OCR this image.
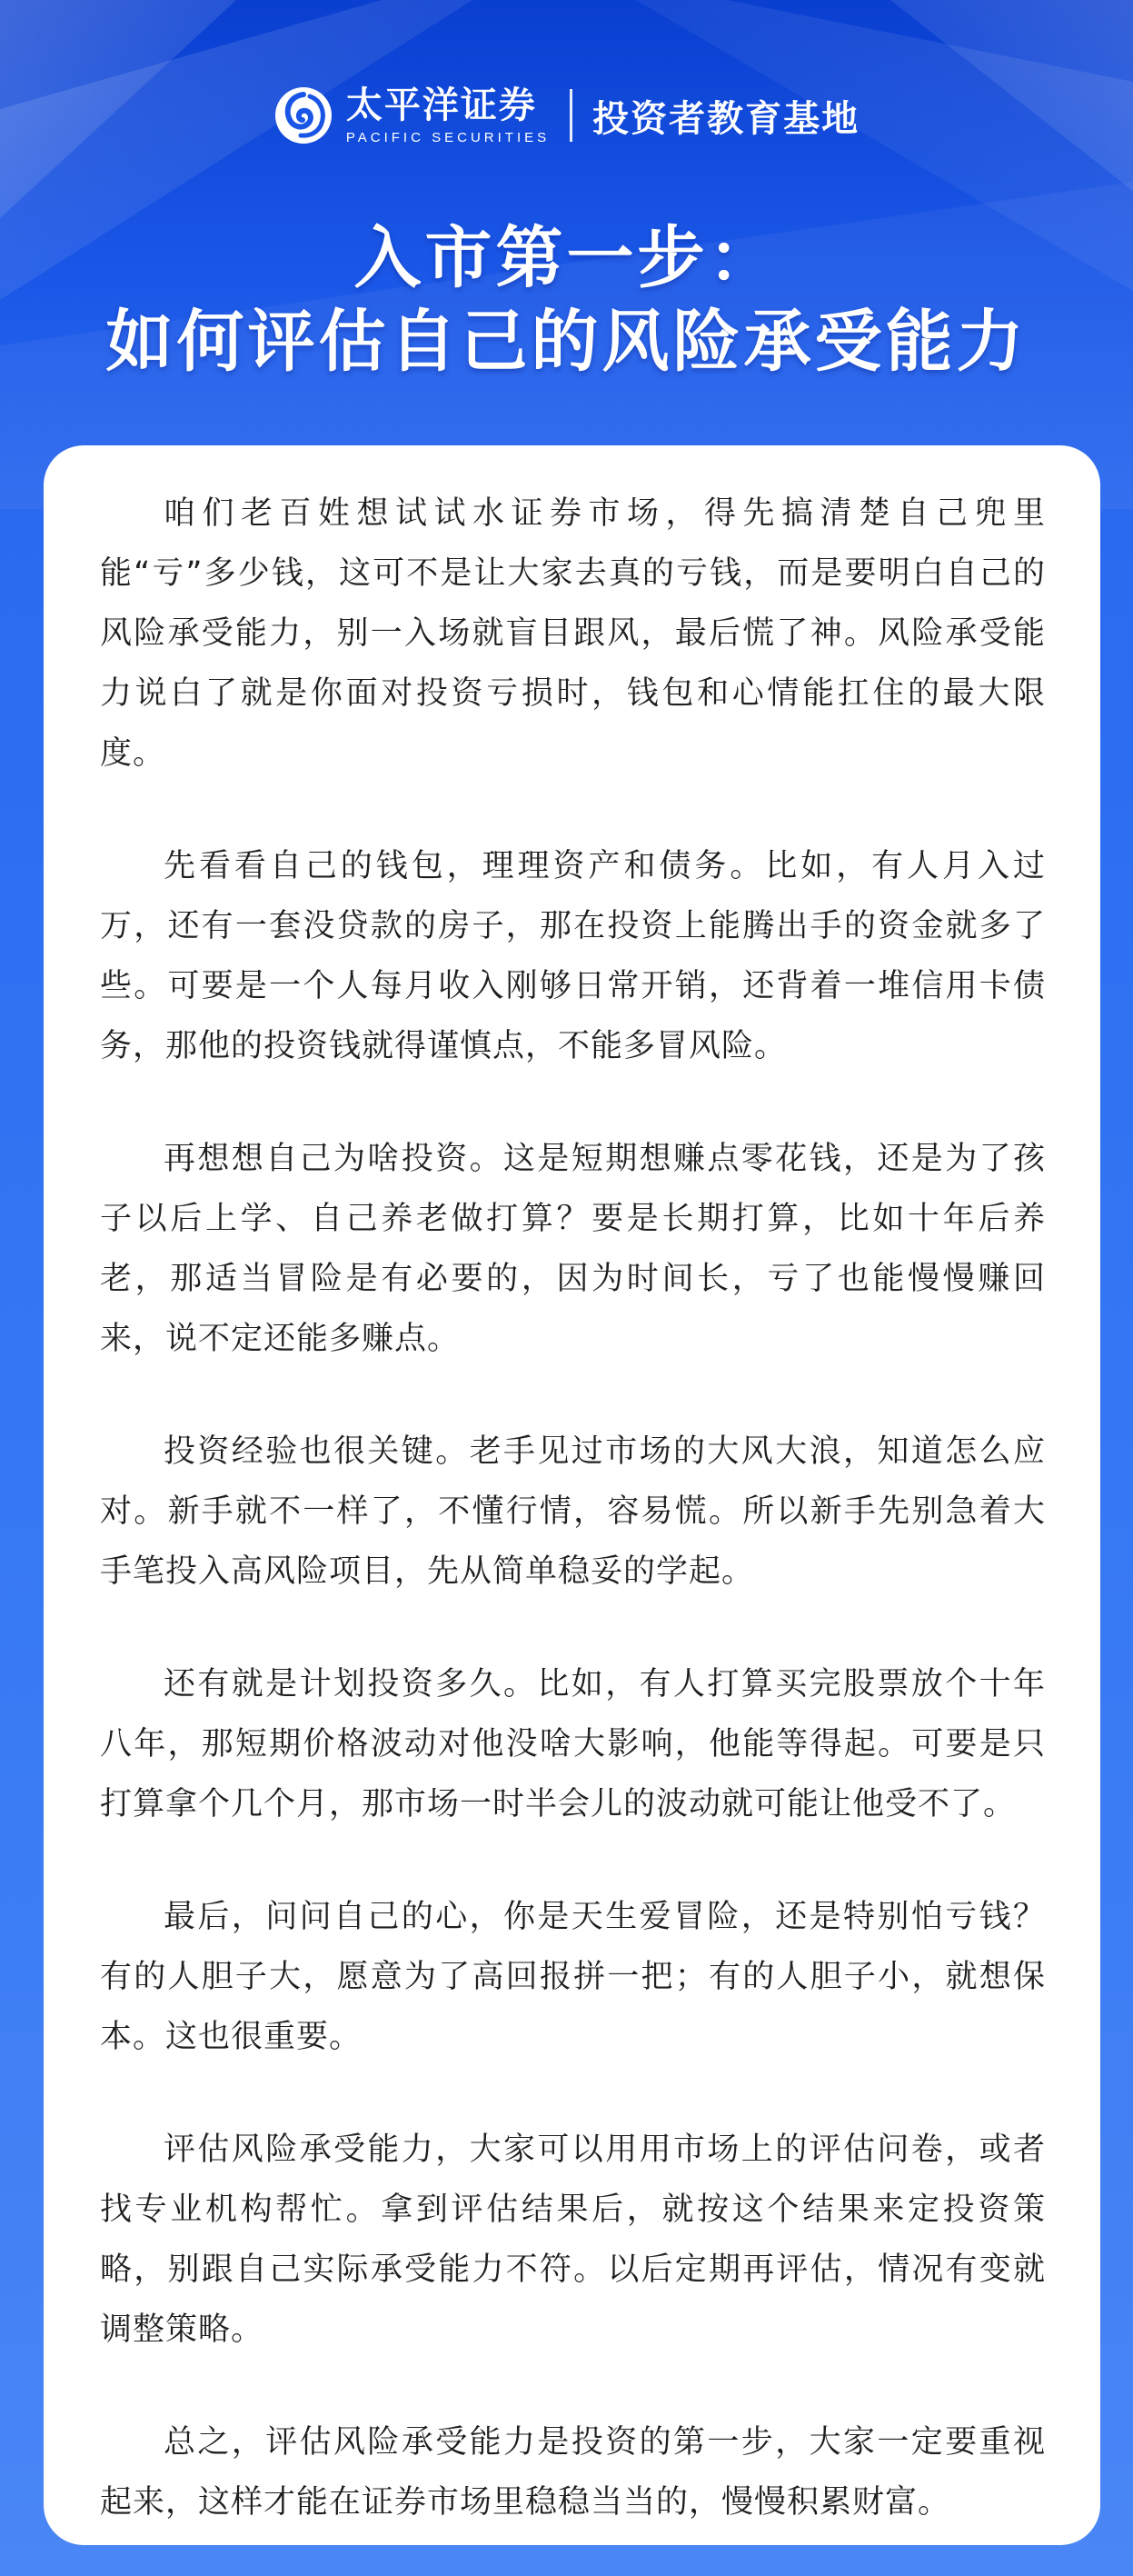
太平洋证券
PACIFIC SECURITIES 投资者教育基地
入市第一步：
如何评估自己的风险承受能力

咱们老百姓想试试水证券市场，得先搞清楚自己兜里能“亏”多少钱，这可不是让大家去真的亏钱，而是要明白自己的风险承受能力，别一入场就盲目跟风，最后慌了神。风险承受能力说白了就是你面对投资亏损时，钱包和心情能扛住的最大限度。

先看看自己的钱包，理理资产和债务。比如，有人月入过万，还有一套没贷款的房子，那在投资上能腾出手的资金就多了些。可要是一个人每月收入刚够日常开销，还背着一堆信用卡债务，那他的投资钱就得谨慎点，不能多冒风险。

再想想自己为啥投资。这是短期想赚点零花钱，还是为了孩子以后上学、自己养老做打算？要是长期打算，比如十年后养老，那适当冒险是有必要的，因为时间长，亏了也能慢慢赚回来，说不定还能多赚点。

投资经验也很关键。老手见过市场的大风大浪，知道怎么应对。新手就不一样了，不懂行情，容易慌。所以新手先别急着大手笔投入高风险项目，先从简单稳妥的学起。

还有就是计划投资多久。比如，有人打算买完股票放个十年八年，那短期价格波动对他没啥大影响，他能等得起。可要是只打算拿个几个月，那市场一时半会儿的波动就可能让他受不了。

最后，问问自己的心，你是天生爱冒险，还是特别怕亏钱？有的人胆子大，愿意为了高回报拼一把；有的人胆子小，就想保本。这也很重要。

评估风险承受能力，大家可以用用市场上的评估问卷，或者找专业机构帮忙。拿到评估结果后，就按这个结果来定投资策略，别跟自己实际承受能力不符。以后定期再评估，情况有变就调整策略。

总之，评估风险承受能力是投资的第一步，大家一定要重视起来，这样才能在证券市场里稳稳当当的，慢慢积累财富。
